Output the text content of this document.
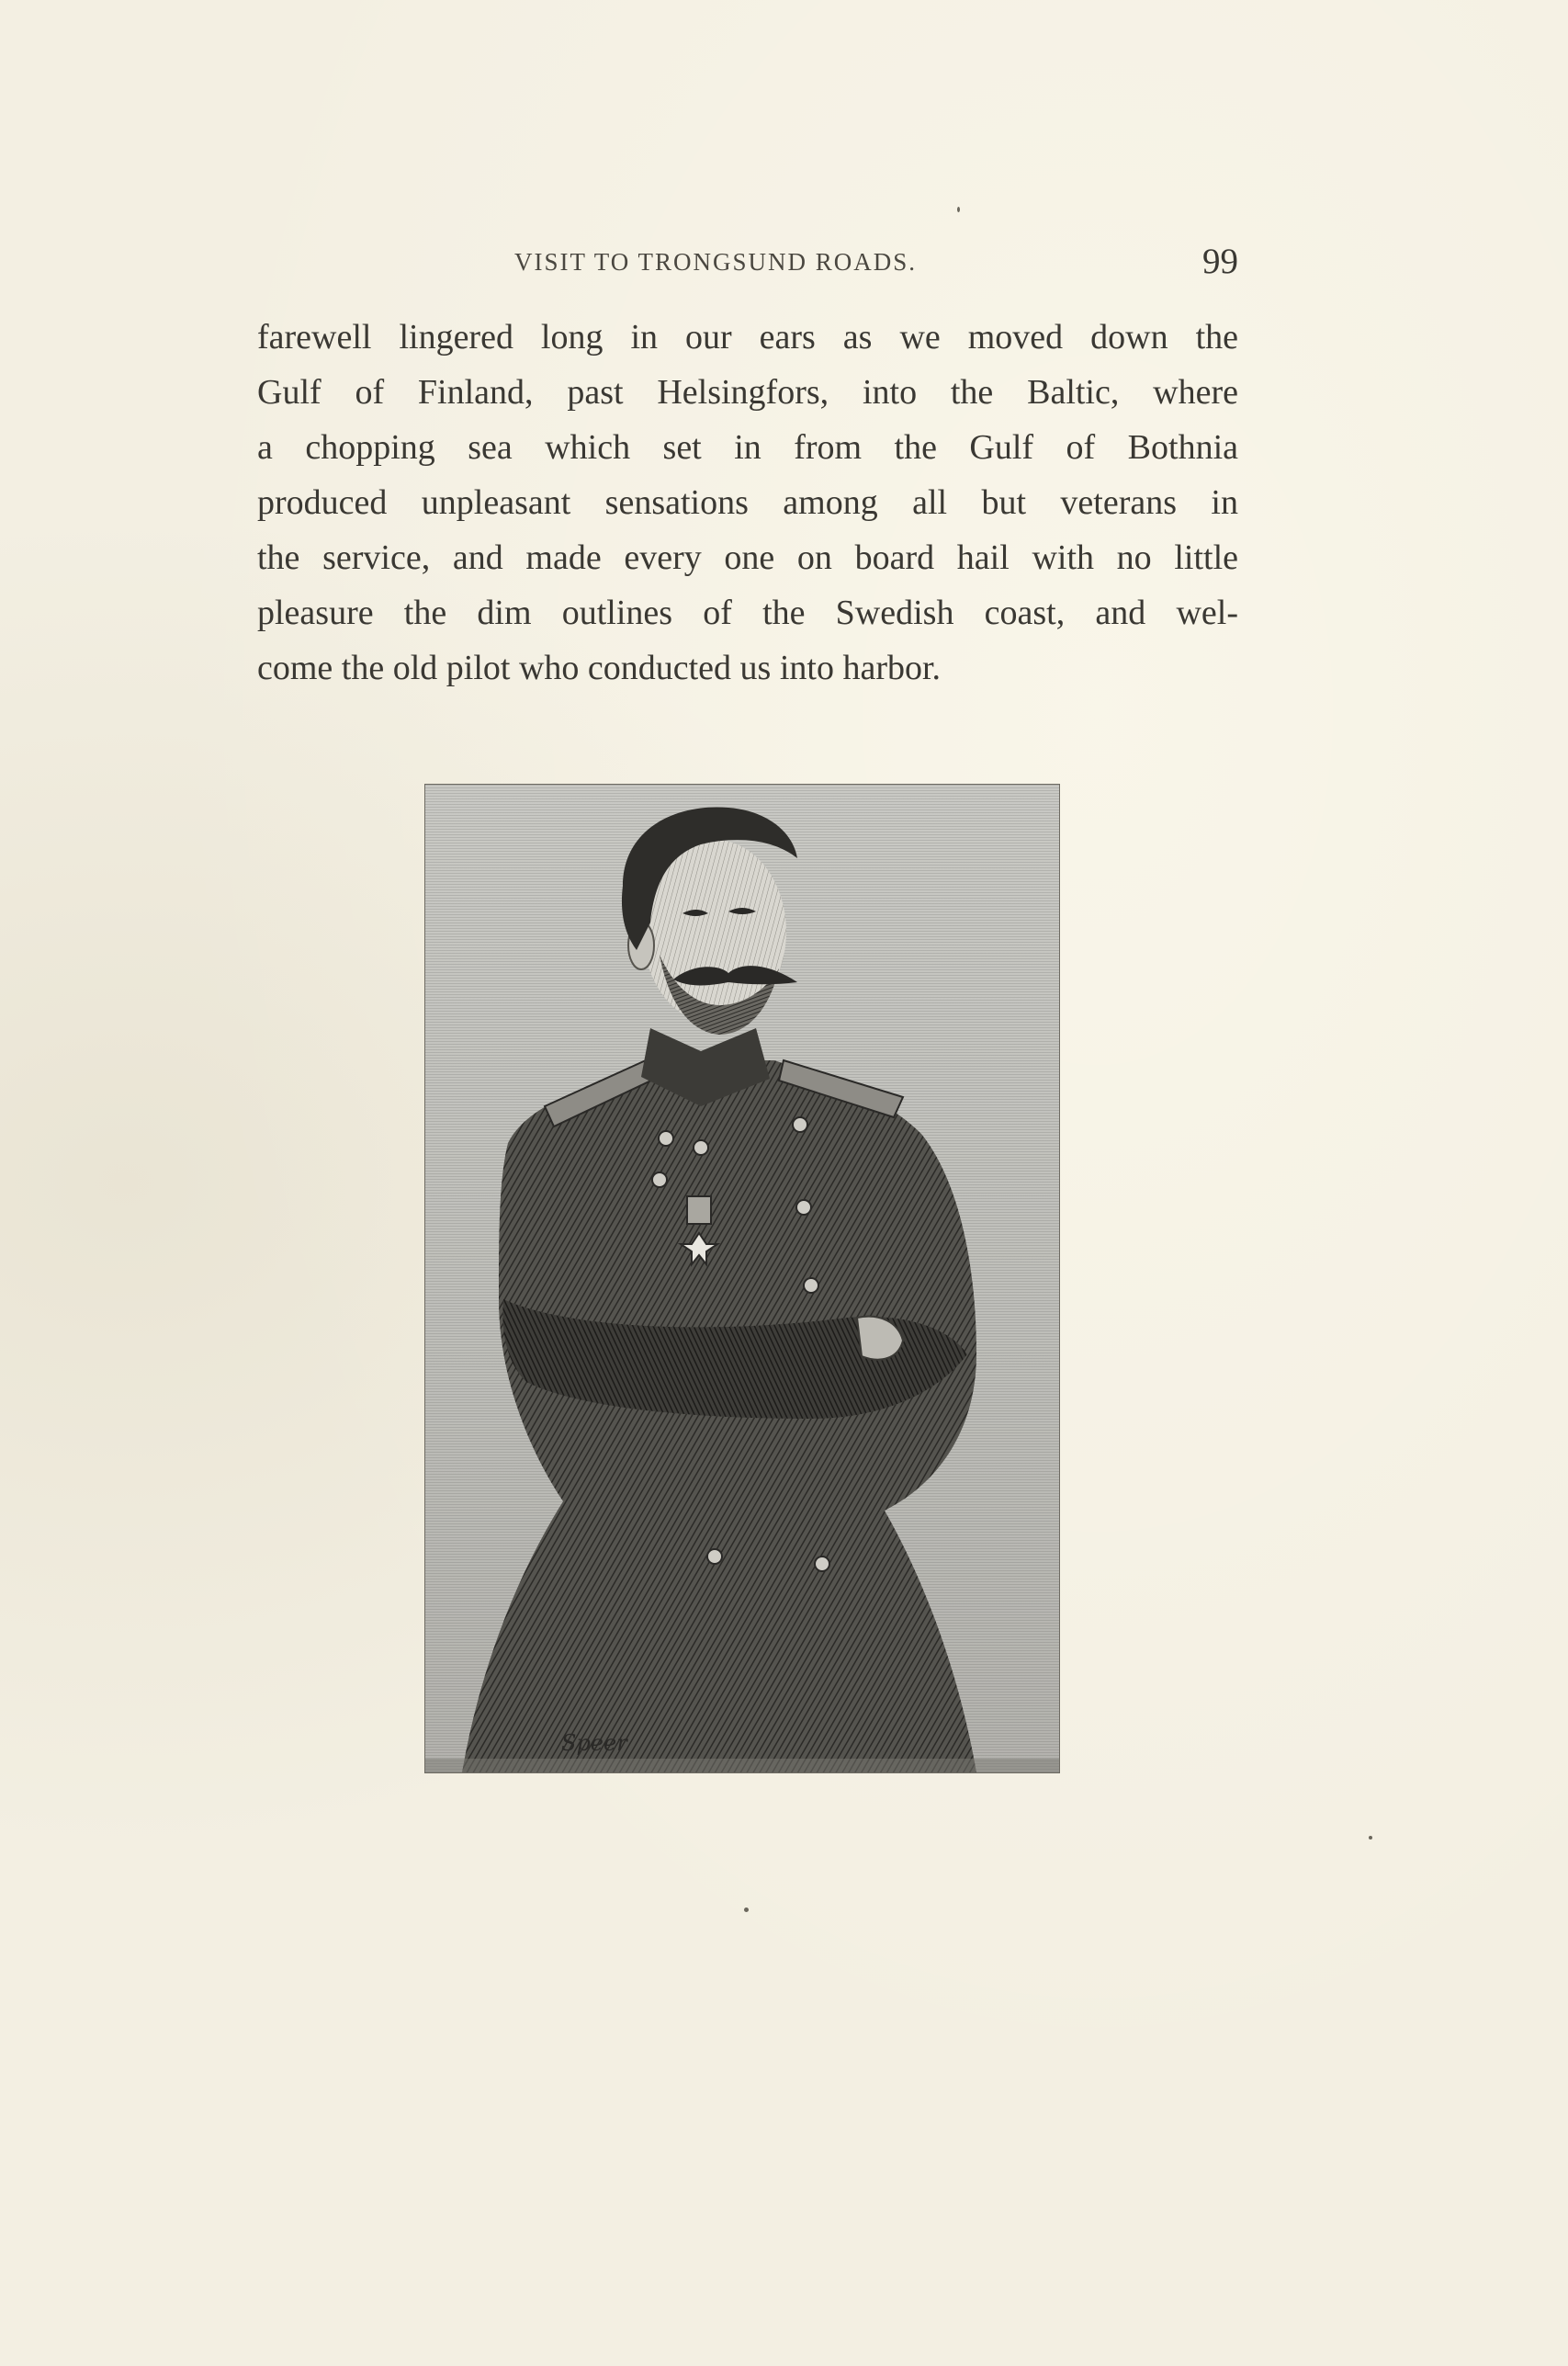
VISIT TO TRONGSUND ROADS.	99
farewell lingered long in our ears as we moved down the
Gulf of Finland, past Helsingfors, into the Baltic, where
a chopping sea which set in from the Gulf of Bothnia
produced unpleasant sensations among all but veterans in
the service, and made every one on board hail with no little
pleasure the dim outlines of the Swedish coast, and wel-
come the old pilot who conducted us into harbor.
Speer
